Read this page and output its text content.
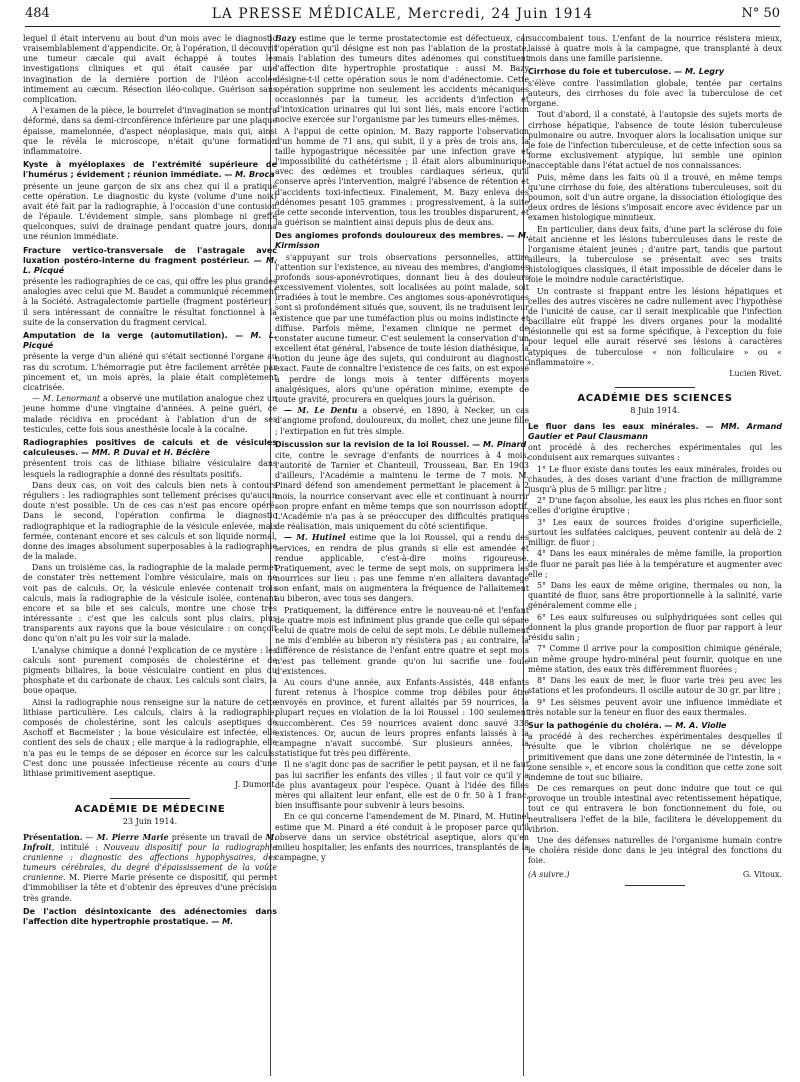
484	LA PRESSE MÉDICALE, Mercredi, 24 Juin 1914	N° 50

lequel il était intervenu au bout d'un mois avec le diagnostic vraisemblablement d'appendicite. Or, à l'opération, il découvrit une tumeur cæcale qui avait échappé à toutes les investigations cliniques et qui était causée par une invagination de la dernière portion de l'iléon accolée intimement au cæcum. Résection iléo-colique. Guérison sans complication.

A l'examen de la pièce, le bourrelet d'invagination se montra déformé, dans sa demi-circonférence inférieure par une plaque épaisse, mamelonnée, d'aspect néoplasique, mais qui, ainsi que le révéla le microscope, n'était qu'une formation inflammatoire.

Kyste à myéloplaxes de l'extrémité supérieure de l'humérus ; évidement ; réunion immédiate. — M. Broca

présente un jeune garçon de six ans chez qui il a pratiqué cette opération. Le diagnostic du kyste (volume d'une noix) avait été fait par la radiographie, à l'occasion d'une contusion de l'épaule. L'évidement simple, sans plombage ni greffe quelconques, suivi de drainage pendant quatre jours, donna une réunion immédiate.

Fracture vertico-transversale de l'astragale avec luxation postéro-interne du fragment postérieur. — M. L. Picqué

présente les radiographies de ce cas, qui offre les plus grandes analogies avec celui que M. Baudet a communiqué récemment à la Société. Astragalectomie partielle (fragment postérieur) : il sera intéressant de connaître le résultat fonctionnel à la suite de la conservation du fragment cervical.

Amputation de la verge (automutilation). — M. L. Picqué

présente la verge d'un aliéné qui s'était sectionné l'organe au ras du scrotum. L'hémorragie put être facilement arrêtée par pincement et, un mois après, la plaie était complètement cicatrisée.

— M. Lenormant a observé une mutilation analogue chez un jeune homme d'une vingtaine d'années. A peine guéri, ce malade récidiva en procédant à l'ablation d'un de ses testicules, cette fois sous anesthésie locale à la cocaïne.

Radiographies positives de calculs et de vésicules calculeuses. — MM. P. Duval et H. Béclère

présentent trois cas de lithiase biliaire vésiculaire dans lesquels la radiographie a donné des résultats positifs.

Dans deux cas, on voit des calculs bien nets à contours réguliers : les radiographies sont tellement précises qu'aucun doute n'est possible. Un de ces cas n'est pas encore opéré. Dans le second, l'opération confirma le diagnostic radiographique et la radiographie de la vésicule enlevée, mais fermée, contenant encore et ses calculs et son liquide normal, donne des images absolument superposables à la radiographie de la malade.

Dans un troisième cas, la radiographie de la malade permet de constater très nettement l'ombre vésiculaire, mais on ne voit pas de calculs. Or, la vésicule enlevée contenait trois calculs, mais la radiographie de la vésicule isolée, contenant encore et sa bile et ses calculs, montre une chose très intéressante : c'est que les calculs sont plus clairs, plus transparents aux rayons que la boue vésiculaire : on conçoit donc qu'on n'ait pu les voir sur la malade.

L'analyse chimique a donné l'explication de ce mystère : les calculs sont purement composés de cholestérine et de pigments biliaires, la boue vésiculaire contient en plus du phosphate et du carbonate de chaux. Les calculs sont clairs, la boue opaque.

Ainsi la radiographie nous renseigne sur la nature de cette lithiase particulière. Les calculs, clairs à la radiographie, composés de cholestérine, sont les calculs aseptiques de Aschoff et Bacmeister ; la boue vésiculaire est infectée, elle contient des sels de chaux ; elle marque à la radiographie, elle n'a pas eu le temps de se déposer en écorce sur les calculs. C'est donc une poussée infectieuse récente au cours d'une lithiase primitivement aseptique.

J. Dumont.

ACADÉMIE DE MÉDECINE

23 Juin 1914.

Présentation. — M. Pierre Marie présente un travail de M. Infroit, intitulé : Nouveau dispositif pour la radiographie cranienne : diagnostic des affections hypophysaires, des tumeurs cérébrales, du degré d'épaississement de la voûte cranienne. M. Pierre Marie présente ce dispositif, qui permet d'immobiliser la tête et d'obtenir des épreuves d'une précision très grande.

De l'action désintoxicante des adénectomies dans l'affection dite hypertrophie prostatique. — M.

Bazy estime que le terme prostatectomie est défectueux, car l'opération qu'il désigne est non pas l'ablation de la prostate, mais l'ablation des tumeurs dites adénomes qui constituent l'affection dite hypertrophie prostatique : aussi M. Bazy désigne-t-il cette opération sous le nom d'adénectomie. Cette opération supprime non seulement les accidents mécaniques occasionnés par la tumeur, les accidents d'infection et d'intoxication urinaires qui lui sont liés, mais encore l'action nocive exercée sur l'organisme par les tumeurs elles-mêmes.

A l'appui de cette opinion, M. Bazy rapporte l'observation d'un homme de 71 ans, qui subit, il y a près de trois ans, la taille hypogastrique nécessitée par une infection grave et l'impossibilité du cathétérisme ; il était alors albuminurique, avec des œdèmes et troubles cardiaques sérieux, qu'il conserve après l'intervention, malgré l'absence de rétention et d'accidents toxi-infectieux. Finalement, M. Bazy enleva des adénomes pesant 105 grammes : progressivement, à la suite de cette seconde intervention, tous les troubles disparurent, et la guérison se maintient ainsi depuis plus de deux ans.

Des angiomes profonds douloureux des membres. — M. Kirmisson

, s'appuyant sur trois observations personnelles, attire l'attention sur l'existence, au niveau des membres, d'angiomes profonds sous-aponévrotiques, donnant lieu à des douleurs excessivement violentes, soit localisées au point malade, soit irradiées à tout le membre. Ces angiomes sous-aponévrotiques sont si profondément situés que, souvent, ils ne traduisent leur existence que par une tuméfaction plus ou moins indistincte et diffuse. Parfois même, l'examen clinique ne permet de constater aucune tumeur. C'est seulement la conservation d'un excellent état général, l'absence de toute lésion diathésique, la notion du jeune âge des sujets, qui conduiront au diagnostic exact. Faute de connaître l'existence de ces faits, on est exposé à perdre de longs mois à tenter différents moyens analgésiques, alors qu'une opération minime, exempte de toute gravité, procurera en quelques jours la guérison.

— M. Le Dentu a observé, en 1890, à Necker, un cas d'angiome profond, douloureux, du mollet, chez une jeune fille ; l'extirpation en fut très simple.

Discussion sur la revision de la loi Roussel. — M. Pinard

cite, contre le sevrage d'enfants de nourrices à 4 mois, l'autorité de Tarnier et Chanteuil, Trousseau, Bar. En 1903 d'ailleurs, l'Académie a maintenu le terme de 7 mois. M. Pinard défend son amendement permettant le placement à 2 mois, la nourrice conservant avec elle et continuant à nourrir son propre enfant en même temps que son nourrisson adoptif. L'Académie n'a pas à se préoccuper des difficultés pratiques de réalisation, mais uniquement du côté scientifique.

— M. Hutinel estime que la loi Roussel, qui a rendu des services, en rendra de plus grands si elle est amendée et rendue applicable, c'est-à-dire moins rigoureuse. Pratiquement, avec le terme de sept mois, on supprimera les nourrices sur lieu : pas une femme n'en allaitera davantage son enfant, mais on augmentera la fréquence de l'allaitement au biberon, avec tous ses dangers.

Pratiquement, la différence entre le nouveau-né et l'enfant de quatre mois est infiniment plus grande que celle qui sépare celui de quatre mois de celui de sept mois. Le débile nullement ne mis d'emblée au biberon n'y résistera pas ; au contraire, la différence de résistance de l'enfant entre quatre et sept mois n'est pas tellement grande qu'on lui sacrifie une foule d'existences.

Au cours d'une année, aux Enfants-Assistés, 448 enfants furent retenus à l'hospice comme trop débiles pour être envoyés en province, et furent allaités par 59 nourrices, la plupart reçues en violation de la loi Roussel : 100 seulement succombèrent. Ces 59 nourrices avaient donc sauvé 338 existences. Or, aucun de leurs propres enfants laissés à la campagne n'avait succombé. Sur plusieurs années, la statistique fut très peu différente.

Il ne s'agit donc pas de sacrifier le petit paysan, et il ne faut pas lui sacrifier les enfants des villes ; il faut voir ce qu'il y a de plus avantageux pour l'espèce. Quant à l'idée des filles mères qui allaitent leur enfant, elle est de 0 fr. 50 à 1 franc, bien insuffisante pour subvenir à leurs besoins.

En ce qui concerne l'amendement de M. Pinard, M. Hutinel estime que M. Pinard a été conduit à le proposer parce qu'il observe dans un service obstétrical aseptique, alors qu'en milieu hospitalier, les enfants des nourrices, transplantés de la campagne, y

succombaient tous. L'enfant de la nourrice résistera mieux, laissé à quatre mois à la campagne, que transplanté à deux mois dans une famille parisienne.

Cirrhose du foie et tuberculose. — M. Legry

s'élève contre l'assimilation globale, tentée par certains auteurs, des cirrhoses du foie avec la tuberculose de cet organe.

Tout d'abord, il a constaté, à l'autopsie des sujets morts de cirrhose hépatique, l'absence de toute lésion tuberculeuse pulmonaire ou autre. Invoquer alors la localisation unique sur le foie de l'infection tuberculeuse, et de cette infection sous sa forme exclusivement atypique, lui semble une opinion inacceptable dans l'état actuel de nos connaissances.

Puis, même dans les faits où il a trouvé, en même temps qu'une cirrhose du foie, des altérations tuberculeuses, soit du poumon, soit d'un autre organe, la dissociation étiologique des deux ordres de lésions s'imposait encore avec évidence par un examen histologique minutieux.

En particulier, dans deux faits, d'une part la sclérose du foie était ancienne et les lésions tuberculeuses dans le reste de l'organisme étaient jeunes ; d'autre part, tandis que partout ailleurs, la tuberculose se présentait avec ses traits histologiques classiques, il était impossible de déceler dans le foie le moindre nodule caractéristique.

Un contraste si frappant entre les lésions hépatiques et celles des autres viscères ne cadre nullement avec l'hypothèse de l'unicité de cause, car il serait inexplicable que l'infection bacillaire eût frappé les divers organes pour la modalité lésionnelle qui est sa forme spécifique, à l'exception du foie pour lequel elle aurait réservé ses lésions à caractères atypiques de tuberculose « non folliculaire » ou « inflammatoire ».

Lucien Rivet.

ACADÉMIE DES SCIENCES

8 Juin 1914.

Le fluor dans les eaux minérales. — MM. Armand Gautier et Paul Clausmann

ont procédé à des recherches expérimentales qui les conduisent aux remarques suivantes :

1° Le fluor existe dans toutes les eaux minérales, froides ou chaudes, à des doses variant d'une fraction de milligramme jusqu'à plus de 5 milligr. par litre ;

2° D'une façon absolue, les eaux les plus riches en fluor sont celles d'origine éruptive ;

3° Les eaux de sources froides d'origine superficielle, surtout les sulfatées calciques, peuvent contenir au delà de 2 milligr. de fluor ;

4° Dans les eaux minérales de même famille, la proportion de fluor ne paraît pas liée à la température et augmenter avec elle ;

5° Dans les eaux de même origine, thermales ou non, la quantité de fluor, sans être proportionnelle à la salinité, varie généralement comme elle ;

6° Les eaux sulfureuses ou sulphydriquées sont celles qui donnent la plus grande proportion de fluor par rapport à leur résidu salin ;

7° Comme il arrive pour la composition chimique générale, un même groupe hydro-minéral peut fournir, quoique en une même station, des eaux très différemment fluorées ;

8° Dans les eaux de mer, le fluor varie très peu avec les stations et les profondeurs. Il oscille autour de 30 gr. par litre ;

9° Les séismes peuvent avoir une influence immédiate et très notable sur la teneur en fluor des eaux thermales.

Sur la pathogénie du choléra. — M. A. Violle

a procédé à des recherches expérimentales desquelles il résulte que le vibrion cholérique ne se développe primitivement que dans une zone déterminée de l'intestin, la « zone sensible », et encore sous la condition que cette zone soit indemne de tout suc biliaire.

De ces remarques on peut donc induire que tout ce qui provoque un trouble intestinal avec retentissement hépatique, tout ce qui entravera le bon fonctionnement du foie, ou neutralisera l'effet de la bile, facilitera le développement du vibrion.

Une des défenses naturelles de l'organisme humain contre le choléra réside donc dans le jeu intégral des fonctions du foie.

(A suivre.)	G. Vitoux.
